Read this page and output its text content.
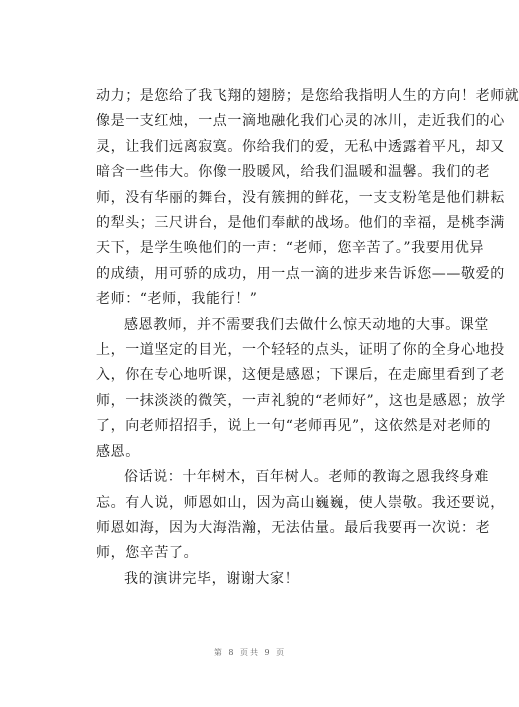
动力；是您给了我飞翔的翅膀；是您给我指明人生的方向！老师就
像是一支红烛，一点一滴地融化我们心灵的冰川，走近我们的心
灵，让我们远离寂寞。你给我们的爱，无私中透露着平凡，却又
暗含一些伟大。你像一股暖风，给我们温暖和温馨。我们的老
师，没有华丽的舞台，没有簇拥的鲜花，一支支粉笔是他们耕耘
的犁头；三尺讲台，是他们奉献的战场。他们的幸福，是桃李满
天下，是学生唤他们的一声：“老师，您辛苦了。”我要用优异
的成绩，用可骄的成功，用一点一滴的进步来告诉您——敬爱的
老师：“老师，我能行！”

感恩教师，并不需要我们去做什么惊天动地的大事。课堂
上，一道坚定的目光，一个轻轻的点头，证明了你的全身心地投
入，你在专心地听课，这便是感恩；下课后，在走廊里看到了老
师，一抹淡淡的微笑，一声礼貌的“老师好”，这也是感恩；放学
了，向老师招招手，说上一句“老师再见”，这依然是对老师的
感恩。

俗话说：十年树木，百年树人。老师的教诲之恩我终身难
忘。有人说，师恩如山，因为高山巍巍，使人崇敬。我还要说，
师恩如海，因为大海浩瀚，无法估量。最后我要再一次说：老
师，您辛苦了。

我的演讲完毕，谢谢大家！

第 8 页共 9 页
